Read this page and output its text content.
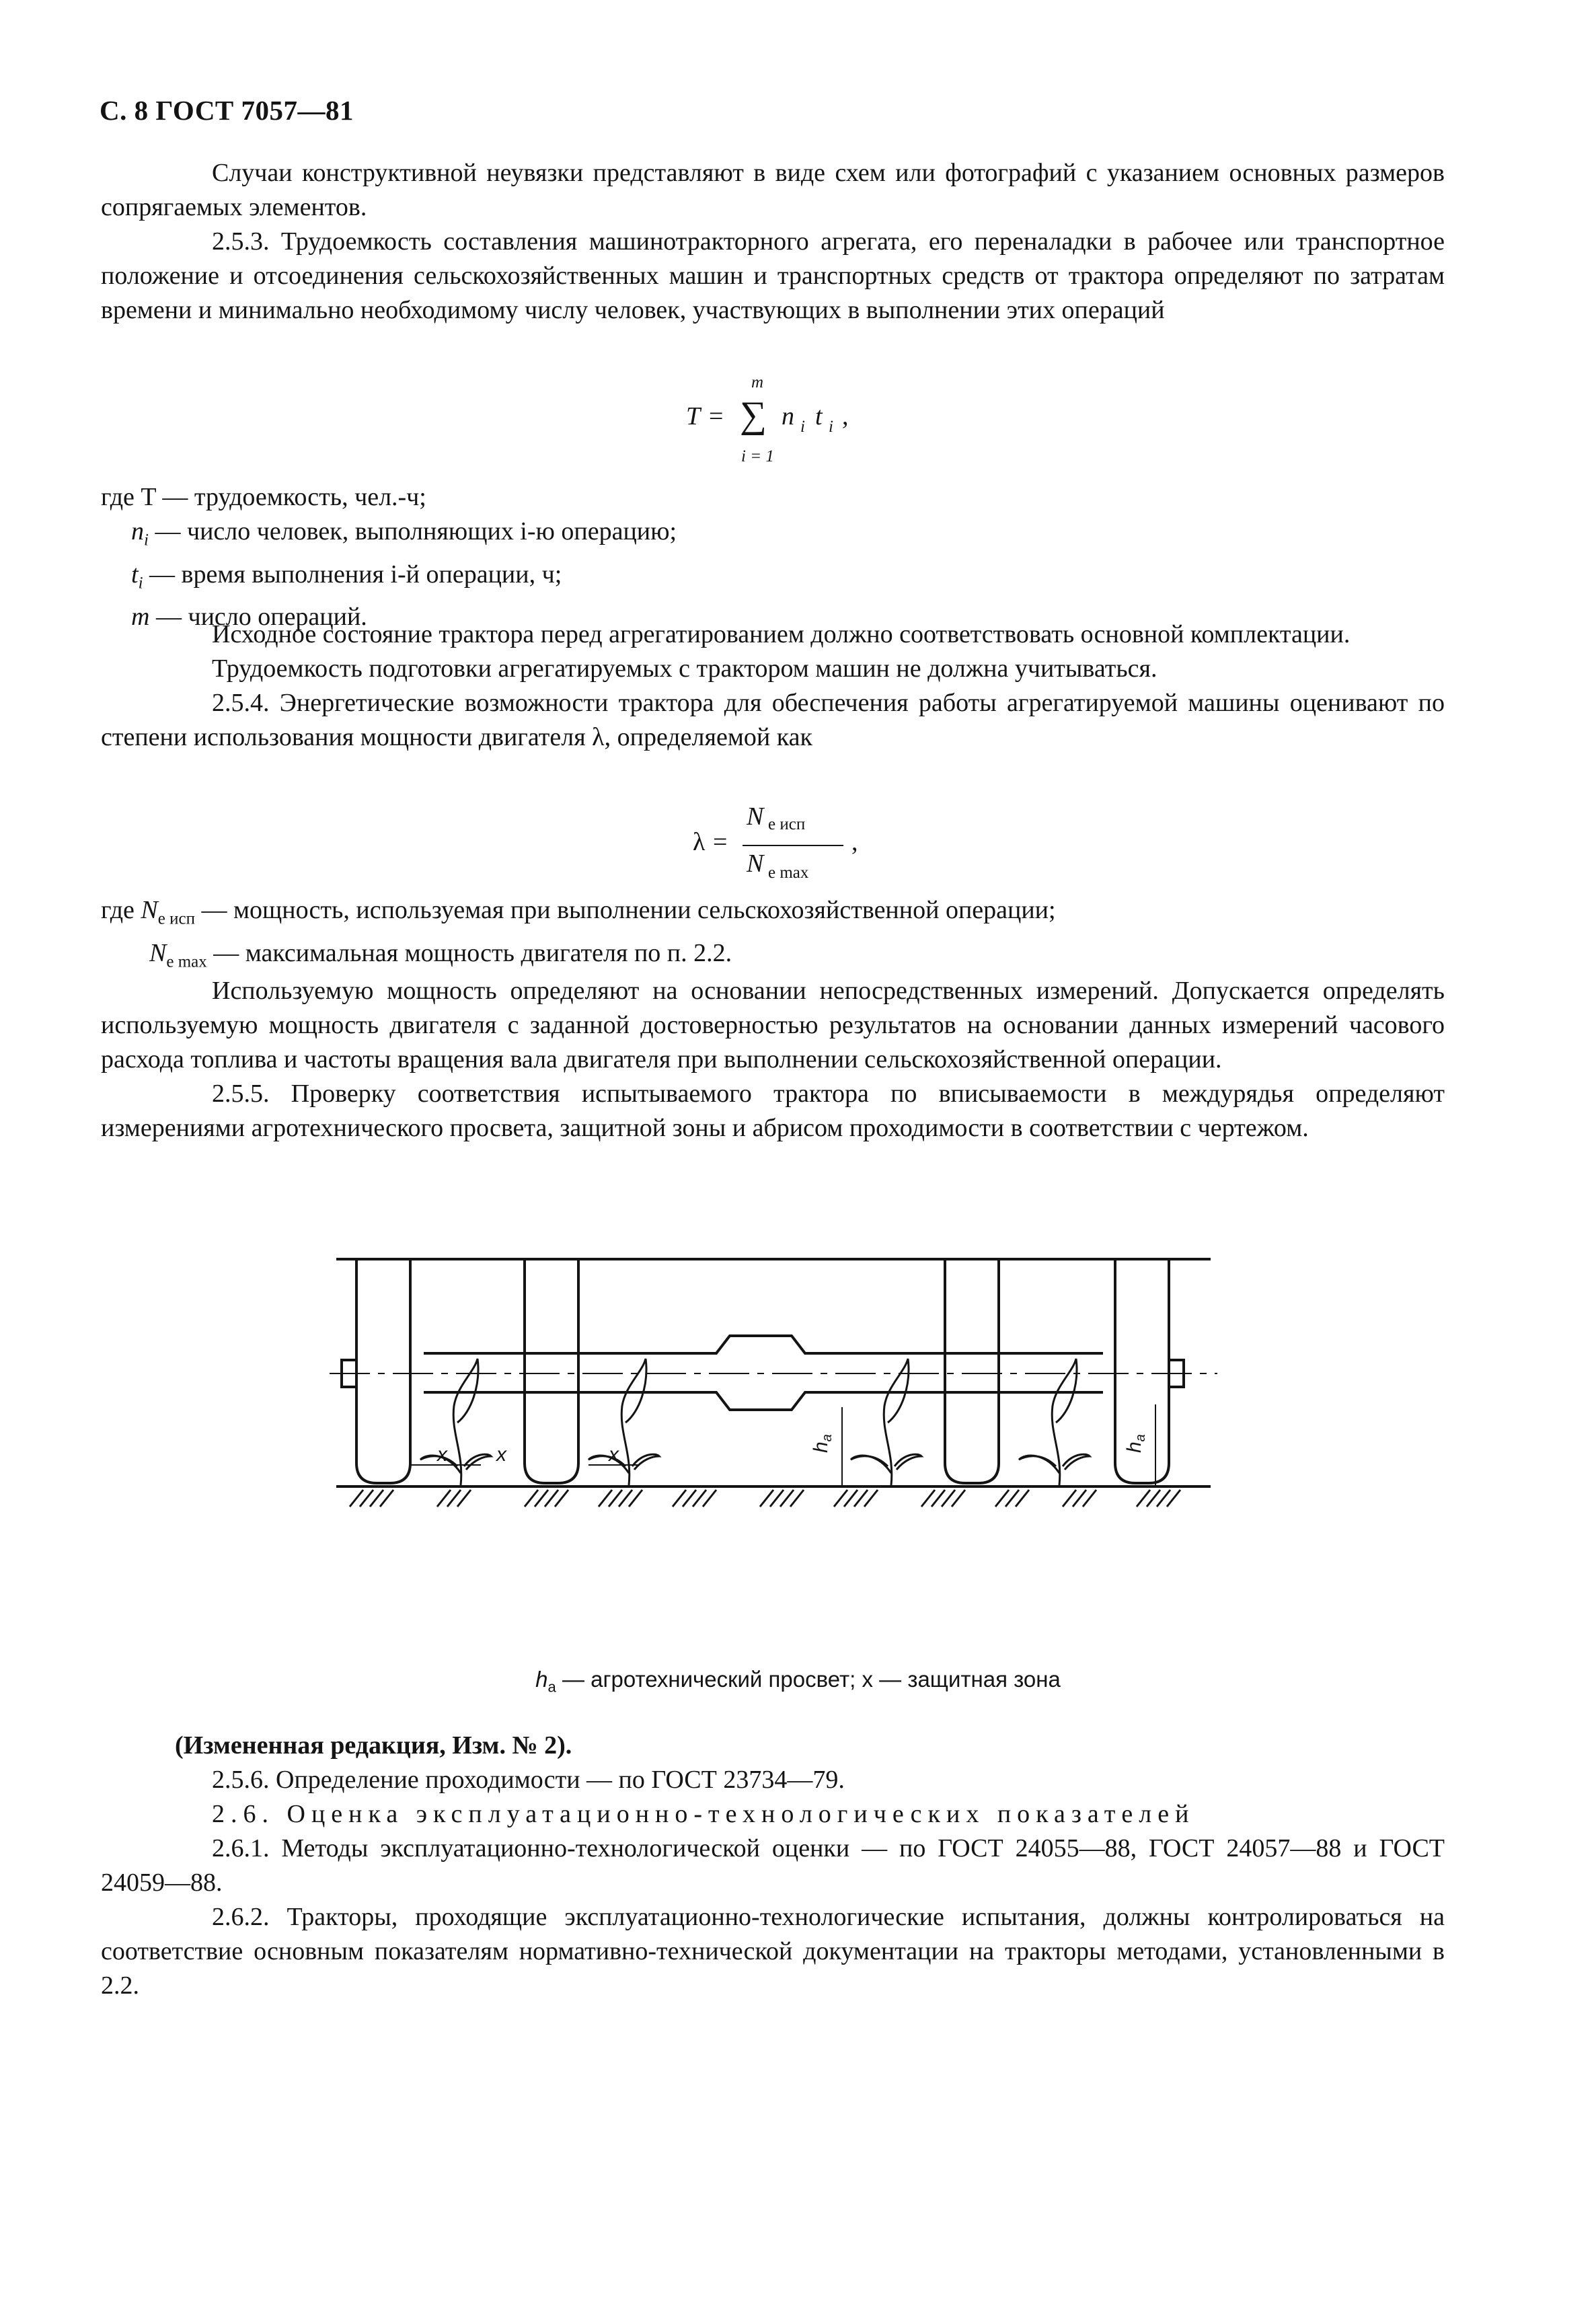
С. 8 ГОСТ 7057—81

Случаи конструктивной неувязки представляют в виде схем или фотографий с указанием основных размеров сопрягаемых элементов.

2.5.3. Трудоемкость составления машинотракторного агрегата, его переналадки в рабочее или транспортное положение и отсоединения сельскохозяйственных машин и транспортных средств от трактора определяют по затратам времени и минимально необходимому числу человек, участвующих в выполнении этих операций

T =
m
∑
i = 1
n i t i ,
где T — трудоемкость, чел.-ч;
$n_i$ — число человек, выполняющих i-ю операцию;
$t_i$ — время выполнения i-й операции, ч;
m — число операций.

Исходное состояние трактора перед агрегатированием должно соответствовать основной комплектации.

Трудоемкость подготовки агрегатируемых с трактором машин не должна учитываться.

2.5.4. Энергетические возможности трактора для обеспечения работы агрегатируемой машины оценивают по степени использования мощности двигателя λ, определяемой как

λ =
N е исп
N е max
,
где $N_{е исп}$ — мощность, используемая при выполнении сельскохозяйственной операции;
$N_{е max}$ — максимальная мощность двигателя по п. 2.2.

Используемую мощность определяют на основании непосредственных измерений. Допускается определять используемую мощность двигателя с заданной достоверностью результатов на основании данных измерений часового расхода топлива и частоты вращения вала двигателя при выполнении сельскохозяйственной операции.

2.5.5. Проверку соответствия испытываемого трактора по вписываемости в междурядья определяют измерениями агротехнического просвета, защитной зоны и абрисом проходимости в соответствии с чертежом.

$h_a$
$h_a$
x x	x
$h_а$ — агротехнический просвет; x — защитная зона

(Измененная редакция, Изм. № 2).

2.5.6. Определение проходимости — по ГОСТ 23734—79.

2.6. Оценка эксплуатационно-технологических показателей

2.6.1. Методы эксплуатационно-технологической оценки — по ГОСТ 24055—88, ГОСТ 24057—88 и ГОСТ 24059—88.

2.6.2. Тракторы, проходящие эксплуатационно-технологические испытания, должны контролироваться на соответствие основным показателям нормативно-технической документации на тракторы методами, установленными в 2.2.
